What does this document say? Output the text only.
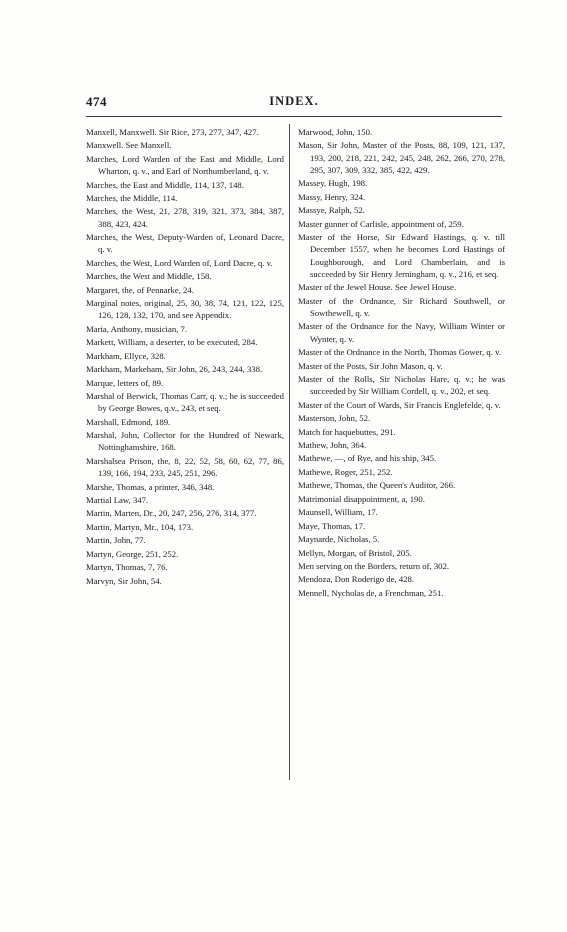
474	INDEX.

Manxell, Manxwell. Sir Rice, 273, 277, 347, 427.

Manxwell. See Manxell.

Marches, Lord Warden of the East and Middle, Lord Wharton, q. v., and Earl of Northumberland, q. v.

Marches, the East and Middle, 114, 137, 148.

Marches, the Middle, 114.

Marches, the West, 21, 278, 319, 321, 373, 384, 387, 388, 423, 424.

Marches, the West, Deputy-Warden of, Leonard Dacre, q. v.

Marches, the West, Lord Warden of, Lord Dacre, q. v.

Marches, the West and Middle, 158.

Margaret, the, of Pennarke, 24.

Marginal notes, original, 25, 30, 38, 74, 121, 122, 125, 126, 128, 132, 170, and see Appendix.

Maria, Anthony, musician, 7.

Markett, William, a deserter, to be executed, 284.

Markham, Ellyce, 328.

Markham, Markeham, Sir John, 26, 243, 244, 338.

Marque, letters of, 89.

Marshal of Berwick, Thomas Carr, q. v.; he is succeeded by George Bowes, q.v., 243, et seq.

Marshall, Edmond, 189.

Marshal, John, Collector for the Hundred of Newark, Nottinghamshire, 168.

Marshalsea Prison, the, 8, 22, 52, 58, 60, 62, 77, 86, 139, 166, 194, 233, 245, 251, 296.

Marshe, Thomas, a printer, 346, 348.

Martial Law, 347.

Martin, Marten, Dr., 20, 247, 256, 276, 314, 377.

Martin, Martyn, Mr., 104, 173.

Martin, John, 77.

Martyn, George, 251, 252.

Martyn, Thomas, 7, 76.

Marvyn, Sir John, 54.

Marwood, John, 150.

Mason, Sir John, Master of the Posts, 88, 109, 121, 137, 193, 200, 218, 221, 242, 245, 248, 262, 266, 270, 278, 295, 307, 309, 332, 385, 422, 429.

Massey, Hugh, 198.

Massy, Henry, 324.

Massye, Ralph, 52.

Master gunner of Carlisle, appointment of, 259.

Master of the Horse, Sir Edward Hastings, q. v. till December 1557, when he becomes Lord Hastings of Loughborough, and Lord Chamberlain, and is succeeded by Sir Henry Jerningham, q. v., 216, et seq.

Master of the Jewel House. See Jewel House.

Master of the Ordnance, Sir Richard Southwell, or Sowthewell, q. v.

Master of the Ordnance for the Navy, William Winter or Wynter, q. v.

Master of the Ordnance in the North, Thomas Gower, q. v.

Master of the Posts, Sir John Mason, q. v.

Master of the Rolls, Sir Nicholas Hare, q. v.; he was succeeded by Sir William Cordell, q. v., 202, et seq.

Master of the Court of Wards, Sir Francis Englefelde, q. v.

Masterson, John, 52.

Match for haquebuttes, 291.

Mathew, John, 364.

Mathewe, —, of Rye, and his ship, 345.

Mathewe, Roger, 251, 252.

Mathewe, Thomas, the Queen's Auditor, 266.

Matrimonial disappointment, a, 190.

Maunsell, William, 17.

Maye, Thomas, 17.

Maynarde, Nicholas, 5.

Mellyn, Morgan, of Bristol, 205.

Men serving on the Borders, return of, 302.

Mendoza, Don Roderigo de, 428.

Mennell, Nycholas de, a Frenchman, 251.
